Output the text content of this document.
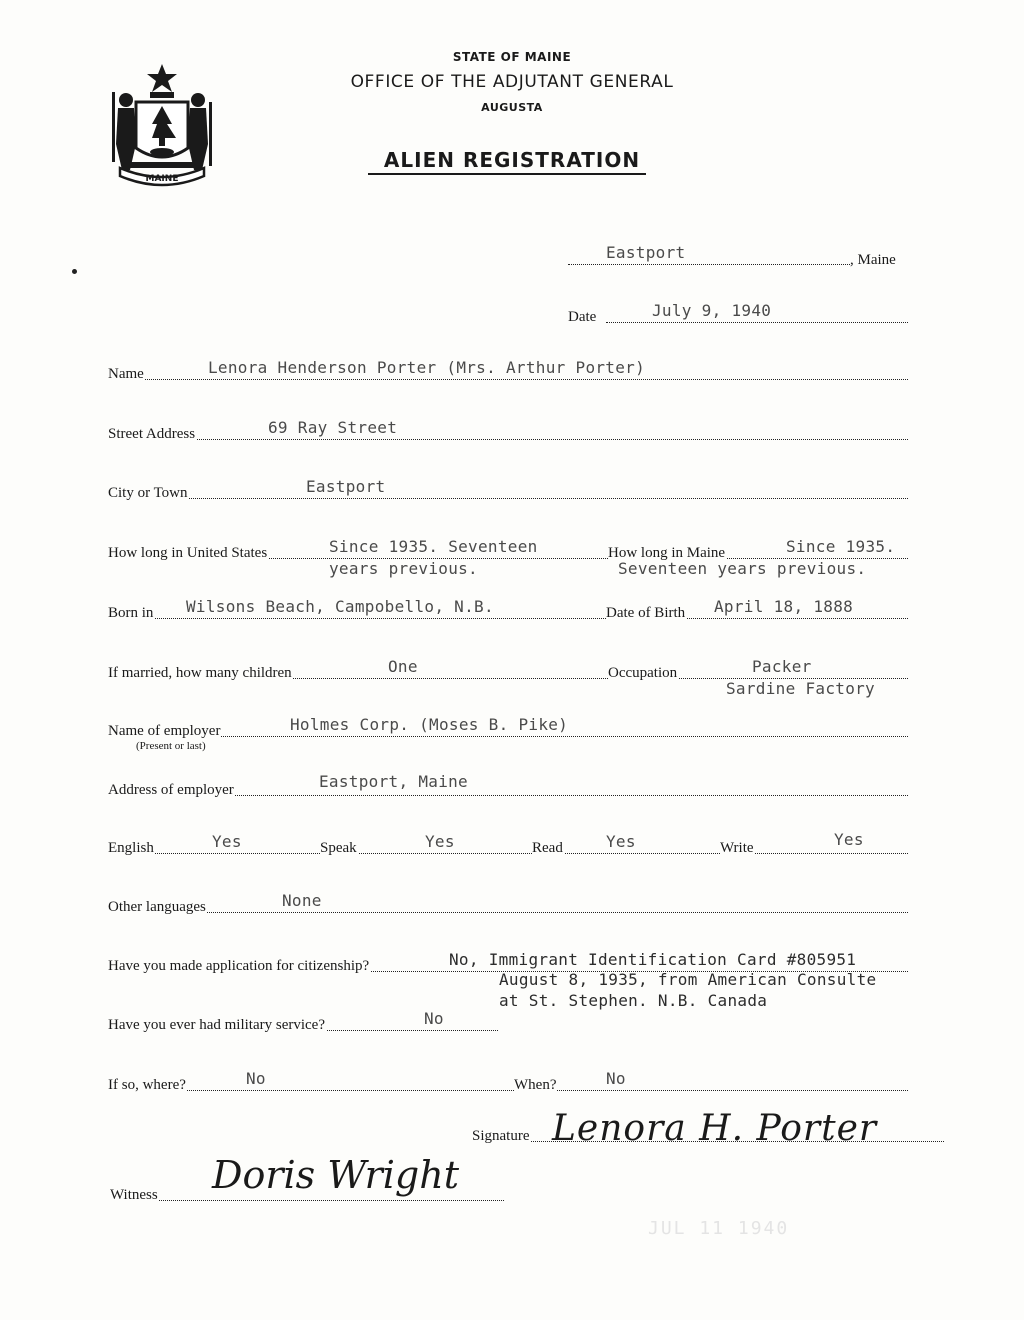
MAINE
STATE OF MAINE
OFFICE OF THE ADJUTANT GENERAL
AUGUSTA
ALIEN REGISTRATION
Eastport	, Maine
Date	July 9, 1940
Name	Lenora Henderson Porter (Mrs. Arthur Porter)
Street Address	69 Ray Street
City or Town	Eastport
How long in United States	Since 1935. Seventeen
years previous.
How long in Maine	Since 1935.
Seventeen years previous.
Born in Wilsons Beach, Campobello, N.B.	Date of Birth April 18, 1888
If married, how many children	One	Occupation	Packer
Sardine Factory
Name of employer
(Present or last)
Holmes Corp. (Moses B. Pike)
Address of employer	Eastport, Maine
English	Yes	Speak	Yes	Read	Yes	Write	Yes
Other languages	None
Have you made application for citizenship?	No, Immigrant Identification Card #805951
August 8, 1935, from American Consulte
at St. Stephen. N.B. Canada
Have you ever had military service?	No
If so, where?	No	When?	No
Signature Lenora H. Porter
Witness Doris Wright
JUL 11 1940
